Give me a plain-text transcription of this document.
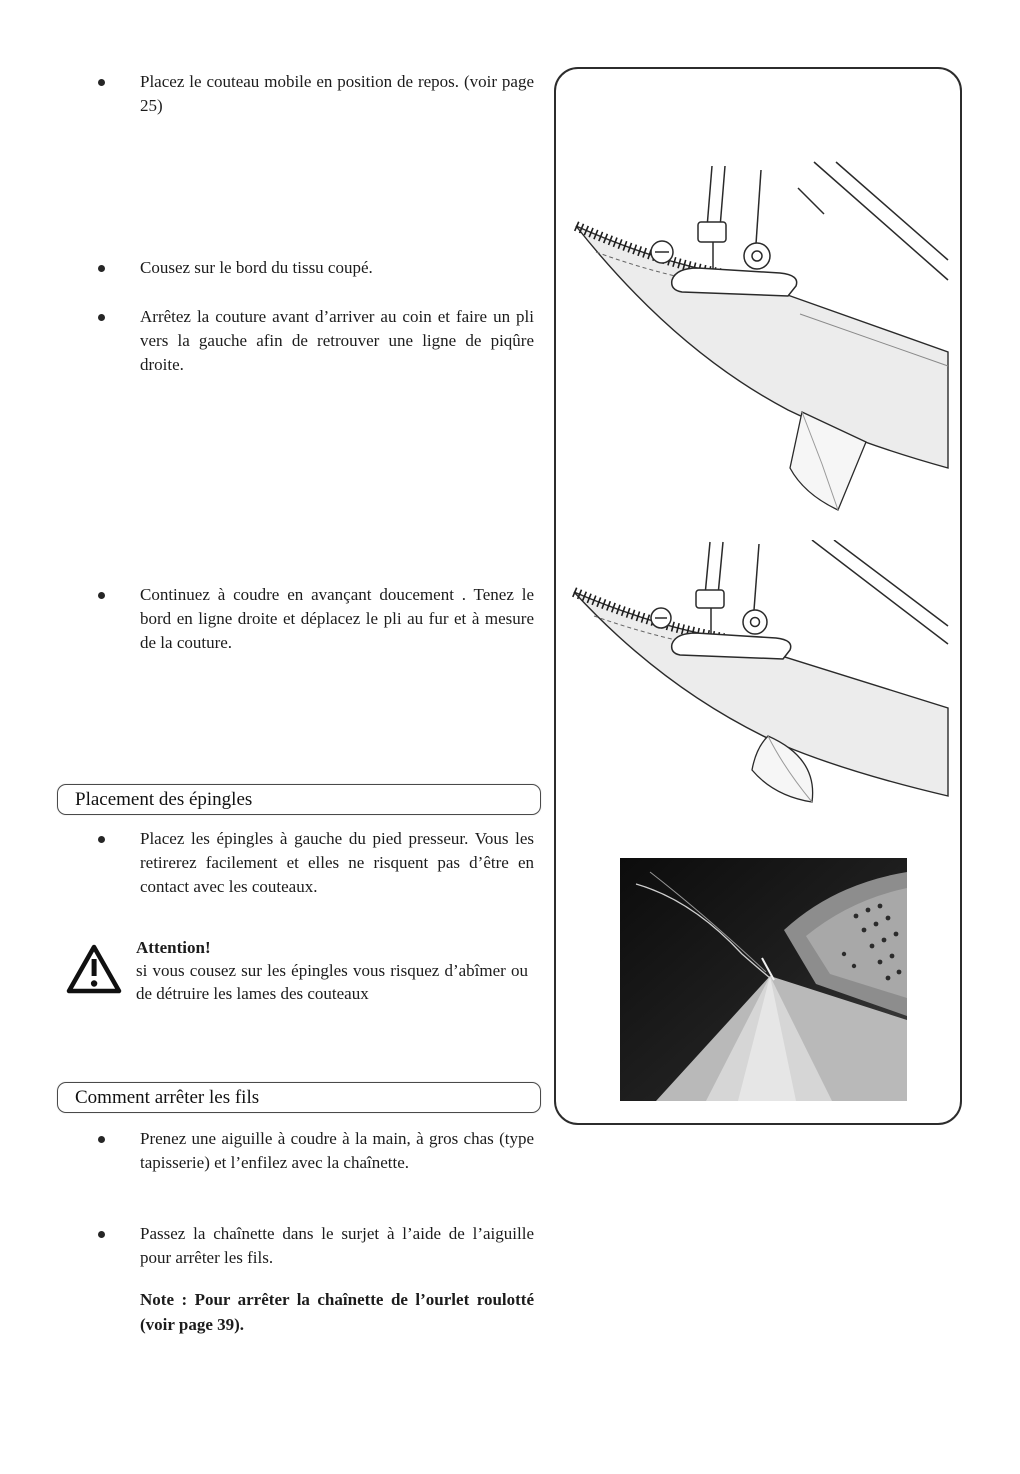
Placez le couteau mobile en position de repos. (voir page 25)
Cousez sur le bord du tissu coupé.
Arrêtez la couture avant d’arriver au coin et faire un pli vers la gauche afin de retrouver une ligne de piqûre droite.
Continuez à coudre en avançant doucement . Tenez le bord en ligne droite et déplacez le pli au fur et à mesure de la couture.
Placement des épingles
Placez les épingles à gauche du pied presseur. Vous les retirerez facilement et elles ne risquent pas d’être en contact avec les couteaux.
Attention!
si vous cousez sur les épingles vous risquez d’abîmer ou de détruire les lames des couteaux
Comment arrêter les fils
Prenez une aiguille à coudre à la main, à gros chas (type tapisserie) et l’enfilez avec la chaînette.
Passez la chaînette dans le surjet à l’aide de l’aiguille pour arrêter les fils.
Note : Pour arrêter la chaînette de l’ourlet roulotté (voir page 39).
